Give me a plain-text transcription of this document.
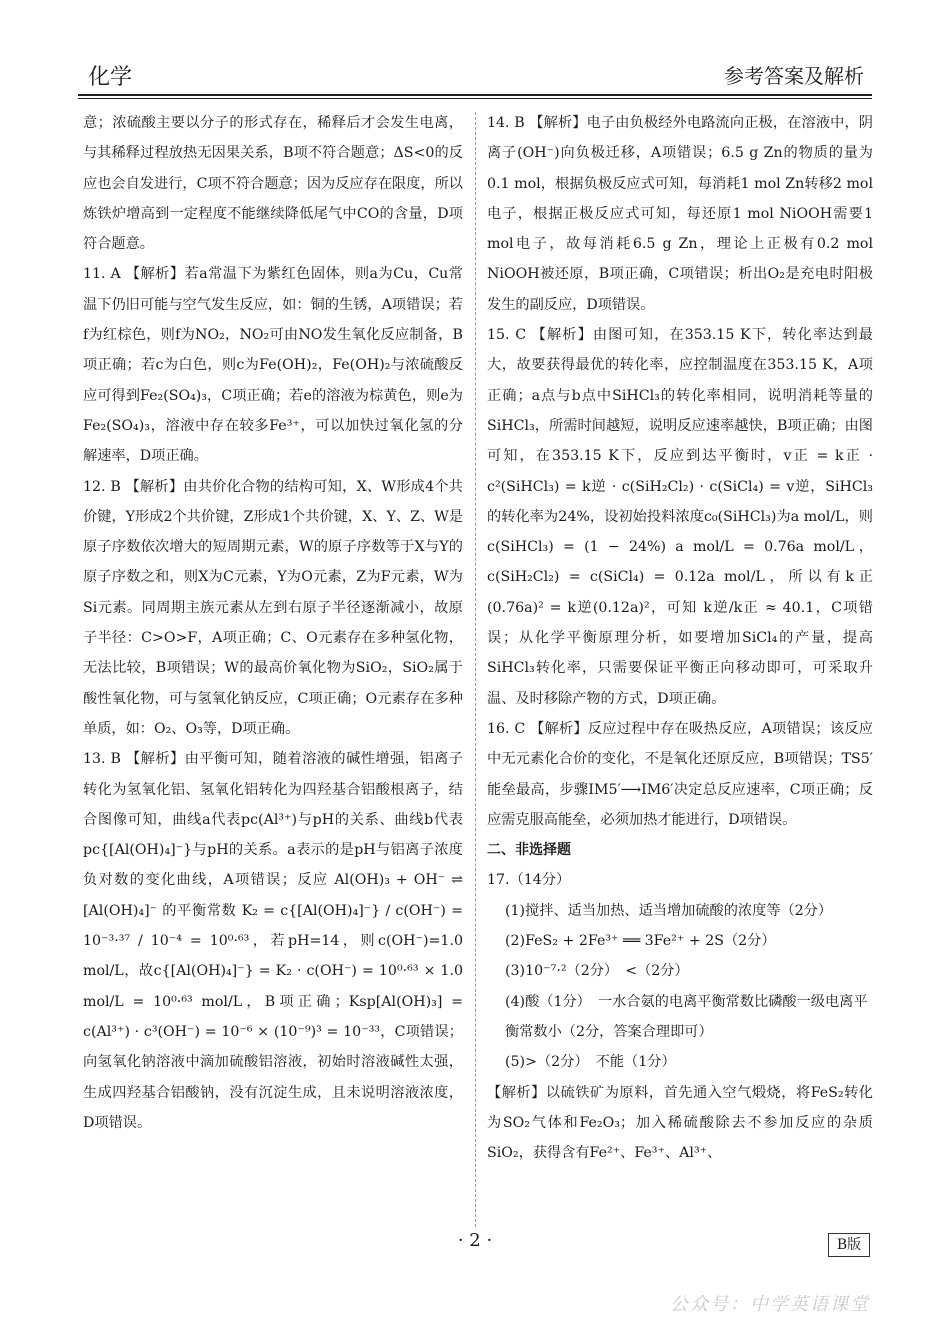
化学	参考答案及解析

意；浓硫酸主要以分子的形式存在，稀释后才会发生电离，与其稀释过程放热无因果关系，B项不符合题意；ΔS<0的反应也会自发进行，C项不符合题意；因为反应存在限度，所以炼铁炉增高到一定程度不能继续降低尾气中CO的含量，D项符合题意。

11. A 【解析】若a常温下为紫红色固体，则a为Cu，Cu常温下仍旧可能与空气发生反应，如：铜的生锈，A项错误；若f为红棕色，则f为NO₂，NO₂可由NO发生氧化反应制备，B项正确；若c为白色，则c为Fe(OH)₂，Fe(OH)₂与浓硫酸反应可得到Fe₂(SO₄)₃，C项正确；若e的溶液为棕黄色，则e为Fe₂(SO₄)₃，溶液中存在较多Fe³⁺，可以加快过氧化氢的分解速率，D项正确。

12. B 【解析】由共价化合物的结构可知，X、W形成4个共价键，Y形成2个共价键，Z形成1个共价键，X、Y、Z、W是原子序数依次增大的短周期元素，W的原子序数等于X与Y的原子序数之和，则X为C元素，Y为O元素，Z为F元素，W为Si元素。同周期主族元素从左到右原子半径逐渐减小，故原子半径：C>O>F，A项正确；C、O元素存在多种氢化物，无法比较，B项错误；W的最高价氧化物为SiO₂，SiO₂属于酸性氧化物，可与氢氧化钠反应，C项正确；O元素存在多种单质，如：O₂、O₃等，D项正确。

13. B 【解析】由平衡可知，随着溶液的碱性增强，铝离子转化为氢氧化铝、氢氧化铝转化为四羟基合铝酸根离子，结合图像可知，曲线a代表pc(Al³⁺)与pH的关系、曲线b代表pc{[Al(OH)₄]⁻}与pH的关系。a表示的是pH与铝离子浓度负对数的变化曲线，A项错误；反应 Al(OH)₃ + OH⁻ ⇌ [Al(OH)₄]⁻ 的平衡常数 K₂ = c{[Al(OH)₄]⁻} / c(OH⁻) = 10⁻³·³⁷ / 10⁻⁴ = 10⁰·⁶³，若pH=14，则c(OH⁻)=1.0 mol/L，故c{[Al(OH)₄]⁻} = K₂ · c(OH⁻) = 10⁰·⁶³ × 1.0 mol/L = 10⁰·⁶³ mol/L，B项正确；Ksp[Al(OH)₃] = c(Al³⁺) · c³(OH⁻) = 10⁻⁶ × (10⁻⁹)³ = 10⁻³³，C项错误；向氢氧化钠溶液中滴加硫酸铝溶液，初始时溶液碱性太强，生成四羟基合铝酸钠，没有沉淀生成，且未说明溶液浓度，D项错误。

14. B 【解析】电子由负极经外电路流向正极，在溶液中，阴离子(OH⁻)向负极迁移，A项错误；6.5 g Zn的物质的量为0.1 mol，根据负极反应式可知，每消耗1 mol Zn转移2 mol电子，根据正极反应式可知，每还原1 mol NiOOH需要1 mol电子，故每消耗6.5 g Zn，理论上正极有0.2 mol NiOOH被还原，B项正确，C项错误；析出O₂是充电时阳极发生的副反应，D项错误。

15. C 【解析】由图可知，在353.15 K下，转化率达到最大，故要获得最优的转化率，应控制温度在353.15 K，A项正确；a点与b点中SiHCl₃的转化率相同，说明消耗等量的SiHCl₃，所需时间越短，说明反应速率越快，B项正确；由图可知，在353.15 K下，反应到达平衡时，v正 = k正 · c²(SiHCl₃) = k逆 · c(SiH₂Cl₂) · c(SiCl₄) = v逆，SiHCl₃的转化率为24%，设初始投料浓度c₀(SiHCl₃)为a mol/L，则c(SiHCl₃) = (1 − 24%) a mol/L = 0.76a mol/L，c(SiH₂Cl₂) = c(SiCl₄) = 0.12a mol/L，所以有k正(0.76a)² = k逆(0.12a)²，可知 k逆/k正 ≈ 40.1，C项错误；从化学平衡原理分析，如要增加SiCl₄的产量，提高SiHCl₃转化率，只需要保证平衡正向移动即可，可采取升温、及时移除产物的方式，D项正确。

16. C 【解析】反应过程中存在吸热反应，A项错误；该反应中无元素化合价的变化，不是氧化还原反应，B项错误；TS5′能垒最高，步骤IM5′⟶IM6′决定总反应速率，C项正确；反应需克服高能垒，必须加热才能进行，D项错误。

二、非选择题

17.（14分）

(1)搅拌、适当加热、适当增加硫酸的浓度等（2分）

(2)FeS₂ + 2Fe³⁺ ══ 3Fe²⁺ + 2S（2分）

(3)10⁻⁷·²（2分）　<（2分）

(4)酸（1分）　一水合氨的电离平衡常数比磷酸一级电离平衡常数小（2分，答案合理即可）

(5)>（2分）　不能（1分）

【解析】以硫铁矿为原料，首先通入空气煅烧，将FeS₂转化为SO₂气体和Fe₂O₃；加入稀硫酸除去不参加反应的杂质SiO₂，获得含有Fe²⁺、Fe³⁺、Al³⁺、

· 2 ·	B版
公众号：中学英语课堂
